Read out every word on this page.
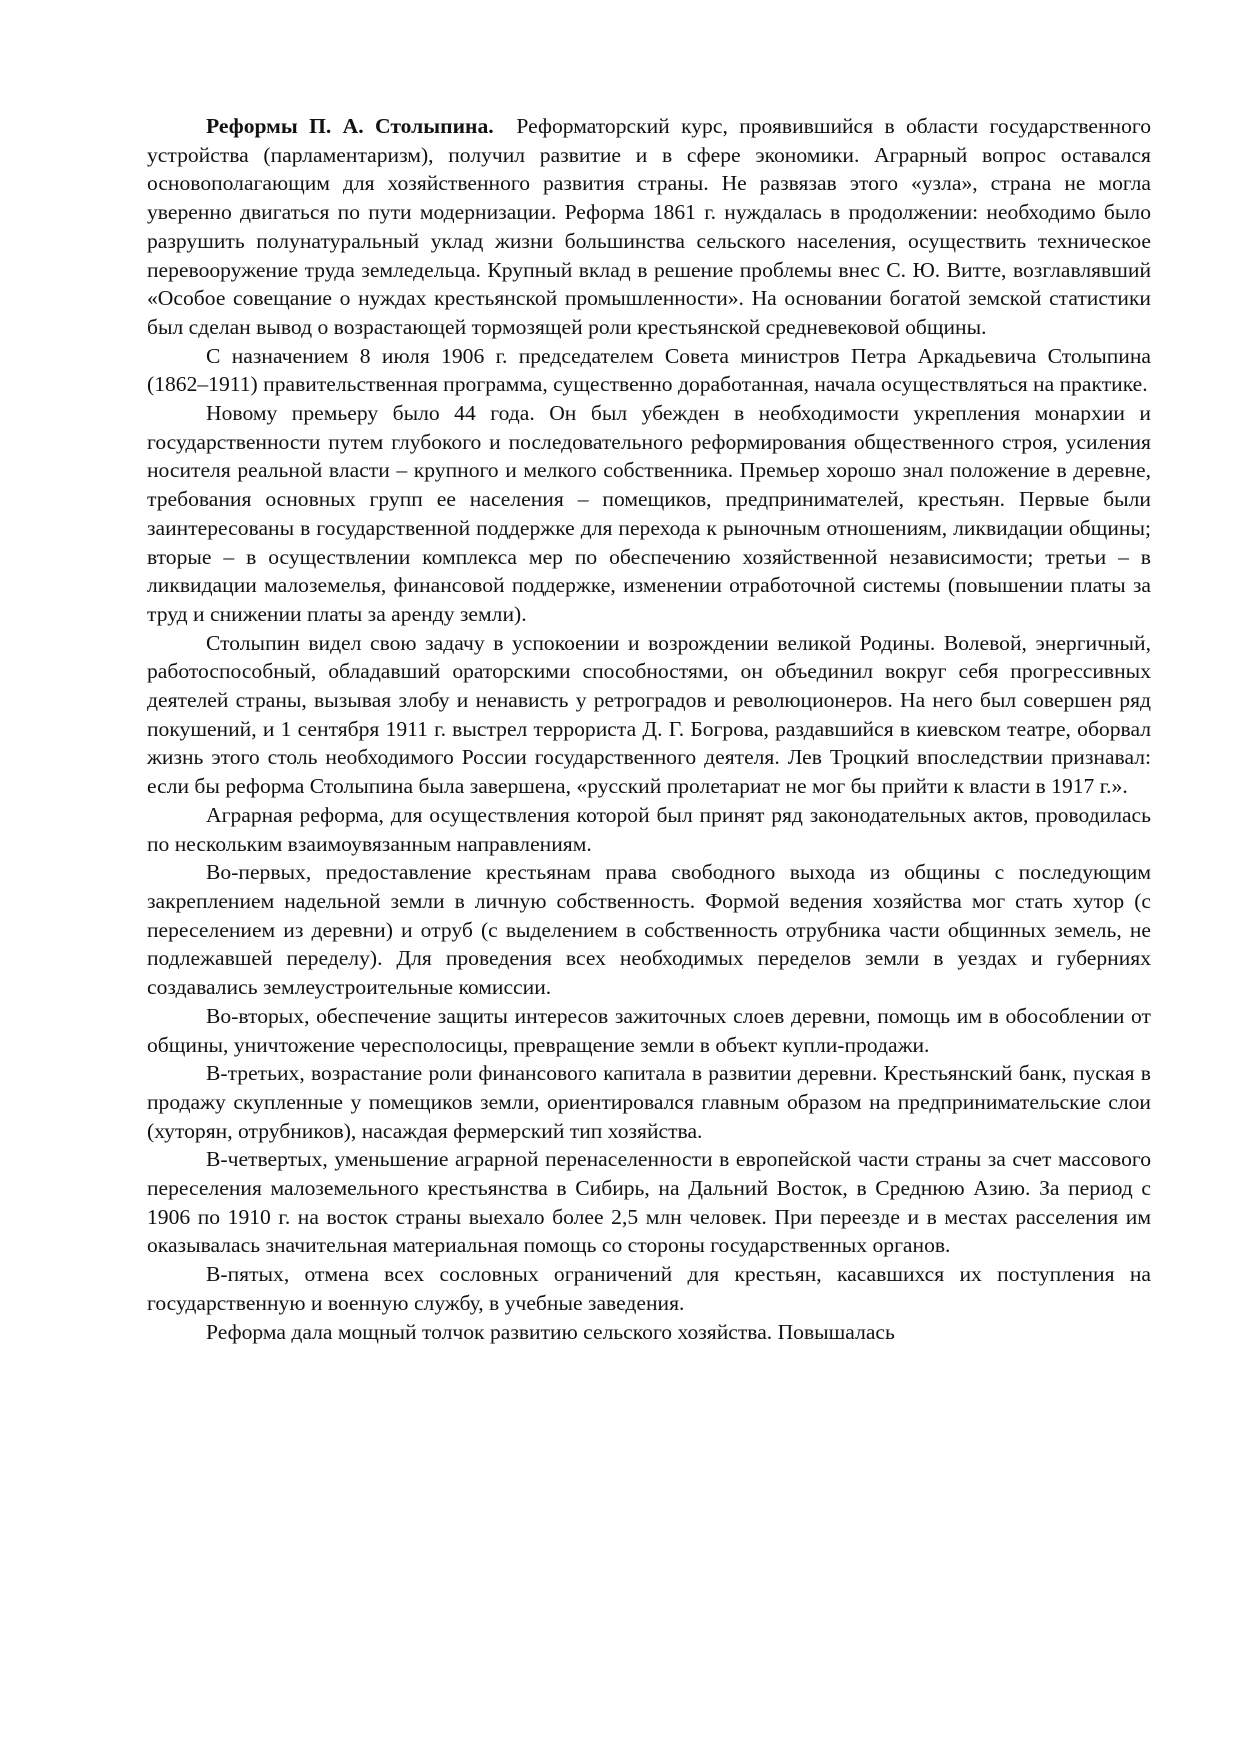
Реформы П. А. Столыпина. Реформаторский курс, проявившийся в области государственного устройства (парламентаризм), получил развитие и в сфере экономики. Аграрный вопрос оставался основополагающим для хозяйственного развития страны. Не развязав этого «узла», страна не могла уверенно двигаться по пути модернизации. Реформа 1861 г. нуждалась в продолжении: необходимо было разрушить полунатуральный уклад жизни большинства сельского населения, осуществить техническое перевооружение труда земледельца. Крупный вклад в решение проблемы внес С. Ю. Витте, возглавлявший «Особое совещание о нуждах крестьянской промышленности». На основании богатой земской статистики был сделан вывод о возрастающей тормозящей роли крестьянской средневековой общины.

С назначением 8 июля 1906 г. председателем Совета министров Петра Аркадьевича Столыпина (1862–1911) правительственная программа, существенно доработанная, начала осуществляться на практике.

Новому премьеру было 44 года. Он был убежден в необходимости укрепления монархии и государственности путем глубокого и последовательного реформирования общественного строя, усиления носителя реальной власти – крупного и мелкого собственника. Премьер хорошо знал положение в деревне, требования основных групп ее населения – помещиков, предпринимателей, крестьян. Первые были заинтересованы в государственной поддержке для перехода к рыночным отношениям, ликвидации общины; вторые – в осуществлении комплекса мер по обеспечению хозяйственной независимости; третьи – в ликвидации малоземелья, финансовой поддержке, изменении отработочной системы (повышении платы за труд и снижении платы за аренду земли).

Столыпин видел свою задачу в успокоении и возрождении великой Родины. Волевой, энергичный, работоспособный, обладавший ораторскими способностями, он объединил вокруг себя прогрессивных деятелей страны, вызывая злобу и ненависть у ретроградов и революционеров. На него был совершен ряд покушений, и 1 сентября 1911 г. выстрел террориста Д. Г. Богрова, раздавшийся в киевском театре, оборвал жизнь этого столь необходимого России государственного деятеля. Лев Троцкий впоследствии признавал: если бы реформа Столыпина была завершена, «русский пролетариат не мог бы прийти к власти в 1917 г.».

Аграрная реформа, для осуществления которой был принят ряд законодательных актов, проводилась по нескольким взаимоувязанным направлениям.

Во-первых, предоставление крестьянам права свободного выхода из общины с последующим закреплением надельной земли в личную собственность. Формой ведения хозяйства мог стать хутор (с переселением из деревни) и отруб (с выделением в собственность отрубника части общинных земель, не подлежавшей переделу). Для проведения всех необходимых переделов земли в уездах и губерниях создавались землеустроительные комиссии.

Во-вторых, обеспечение защиты интересов зажиточных слоев деревни, помощь им в обособлении от общины, уничтожение чересполосицы, превращение земли в объект купли-продажи.

В-третьих, возрастание роли финансового капитала в развитии деревни. Крестьянский банк, пуская в продажу скупленные у помещиков земли, ориентировался главным образом на предпринимательские слои (хуторян, отрубников), насаждая фермерский тип хозяйства.

В-четвертых, уменьшение аграрной перенаселенности в европейской части страны за счет массового переселения малоземельного крестьянства в Сибирь, на Дальний Восток, в Среднюю Азию. За период с 1906 по 1910 г. на восток страны выехало более 2,5 млн человек. При переезде и в местах расселения им оказывалась значительная материальная помощь со стороны государственных органов.

В-пятых, отмена всех сословных ограничений для крестьян, касавшихся их поступления на государственную и военную службу, в учебные заведения.

Реформа дала мощный толчок развитию сельского хозяйства. Повышалась
